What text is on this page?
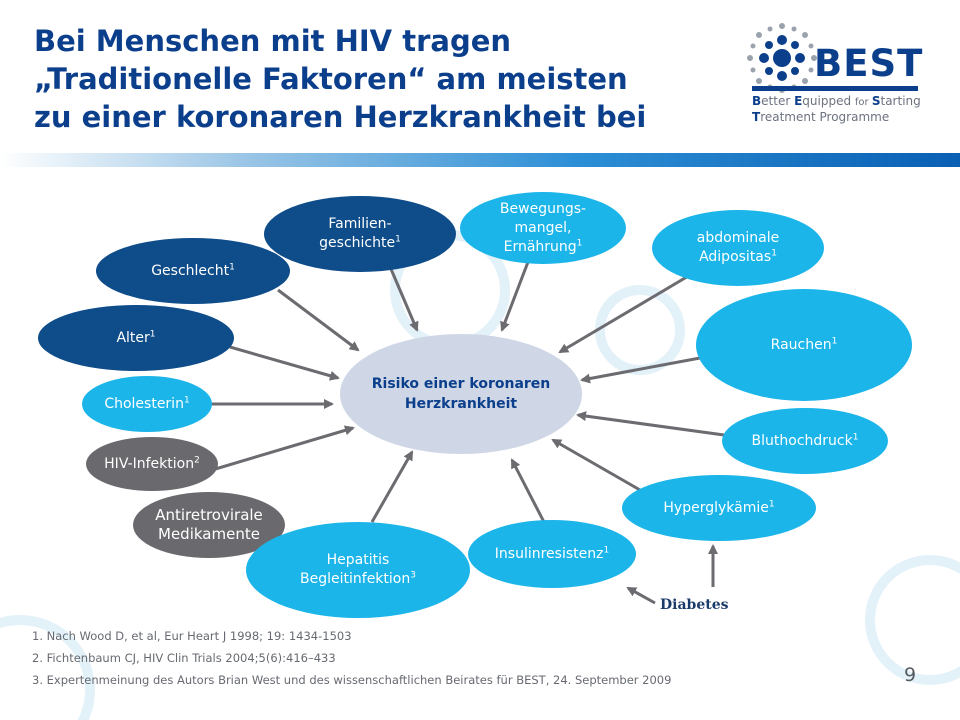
Bei Menschen mit HIV tragen
„Traditionelle Faktoren“ am meisten
zu einer koronaren Herzkrankheit bei
BEST
Better Equipped for Starting
Treatment Programme
Risiko einer koronaren
Herzkrankheit
Familien-
geschichte$^1$
Bewegungs-
mangel,
Ernährung$^1$	abdominale
Adipositas$^1$
Geschlecht$^1$
Alter$^1$
Rauchen$^1$
Cholesterin$^1$
HIV-Infektion$^2$
Bluthochdruck$^1$
Antiretrovirale
Medikamente
Hyperglykämie$^1$
Hepatitis
Begleitinfektion$^3$
Insulinresistenz$^1$
Diabetes
1. Nach Wood D, et al, Eur Heart J 1998; 19: 1434-1503
2. Fichtenbaum CJ, HIV Clin Trials 2004;5(6):416–433
3. Expertenmeinung des Autors Brian West und des wissenschaftlichen Beirates für BEST, 24. September 2009	9
